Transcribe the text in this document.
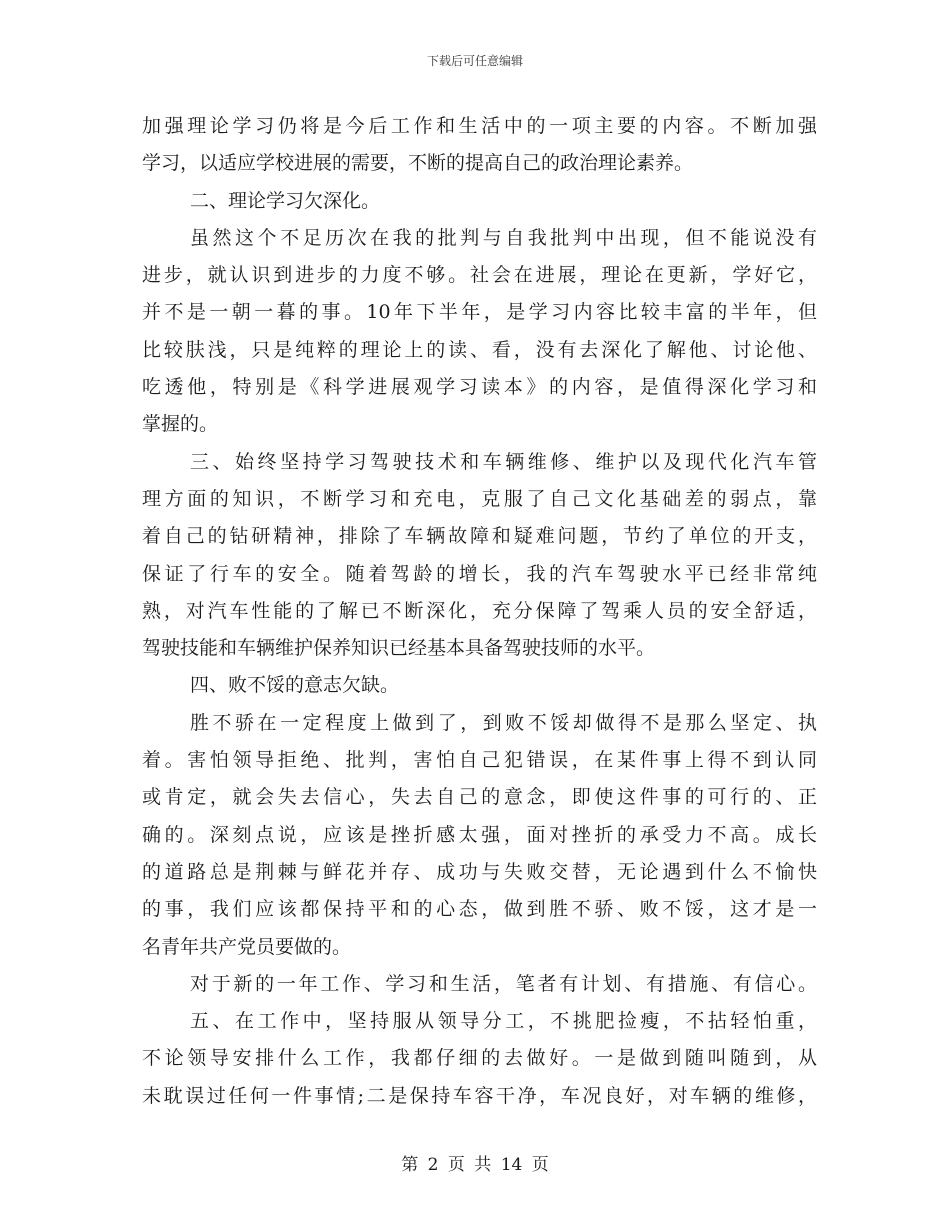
下载后可任意编辑
加强理论学习仍将是今后工作和生活中的一项主要的内容。不断加强
学习，以适应学校进展的需要，不断的提高自己的政治理论素养。
二、理论学习欠深化。
虽然这个不足历次在我的批判与自我批判中出现，但不能说没有
进步，就认识到进步的力度不够。社会在进展，理论在更新，学好它，
并不是一朝一暮的事。10年下半年，是学习内容比较丰富的半年，但
比较肤浅，只是纯粹的理论上的读、看，没有去深化了解他、讨论他、
吃透他，特别是《科学进展观学习读本》的内容，是值得深化学习和
掌握的。
三、始终坚持学习驾驶技术和车辆维修、维护以及现代化汽车管
理方面的知识，不断学习和充电，克服了自己文化基础差的弱点，靠
着自己的钻研精神，排除了车辆故障和疑难问题，节约了单位的开支，
保证了行车的安全。随着驾龄的增长，我的汽车驾驶水平已经非常纯
熟，对汽车性能的了解已不断深化，充分保障了驾乘人员的安全舒适，
驾驶技能和车辆维护保养知识已经基本具备驾驶技师的水平。
四、败不馁的意志欠缺。
胜不骄在一定程度上做到了，到败不馁却做得不是那么坚定、执
着。害怕领导拒绝、批判，害怕自己犯错误，在某件事上得不到认同
或肯定，就会失去信心，失去自己的意念，即使这件事的可行的、正
确的。深刻点说，应该是挫折感太强，面对挫折的承受力不高。成长
的道路总是荆棘与鲜花并存、成功与失败交替，无论遇到什么不愉快
的事，我们应该都保持平和的心态，做到胜不骄、败不馁，这才是一
名青年共产党员要做的。
对于新的一年工作、学习和生活，笔者有计划、有措施、有信心。
五、在工作中，坚持服从领导分工，不挑肥捡瘦，不拈轻怕重，
不论领导安排什么工作，我都仔细的去做好。一是做到随叫随到，从
未耽误过任何一件事情;二是保持车容干净，车况良好，对车辆的维修，
第 2 页 共 14 页
